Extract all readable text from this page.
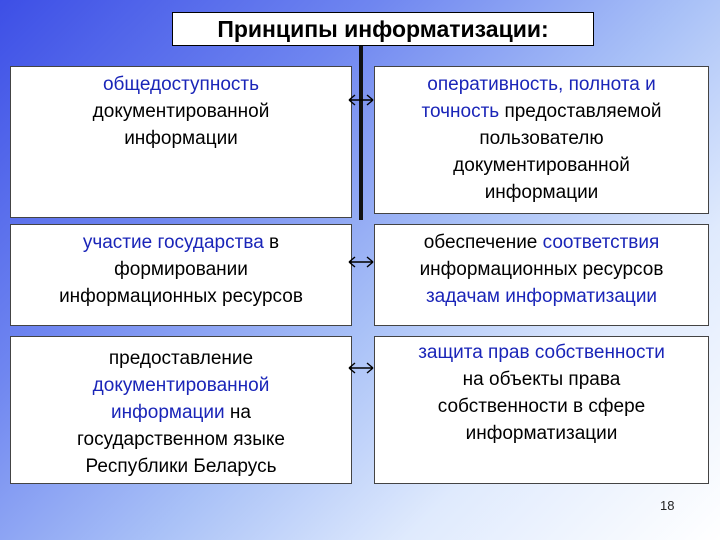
Принципы информатизации:
общедоступность
документированной
информации
оперативность, полнота и
точность предоставляемой
пользователю
документированной
информации
участие государства в
формировании
информационных ресурсов
обеспечение соответствия
информационных ресурсов
задачам информатизации
предоставление
документированной
информации на
государственном языке
Республики Беларусь
защита прав собственности
на объекты права
собственности в сфере
информатизации
18
